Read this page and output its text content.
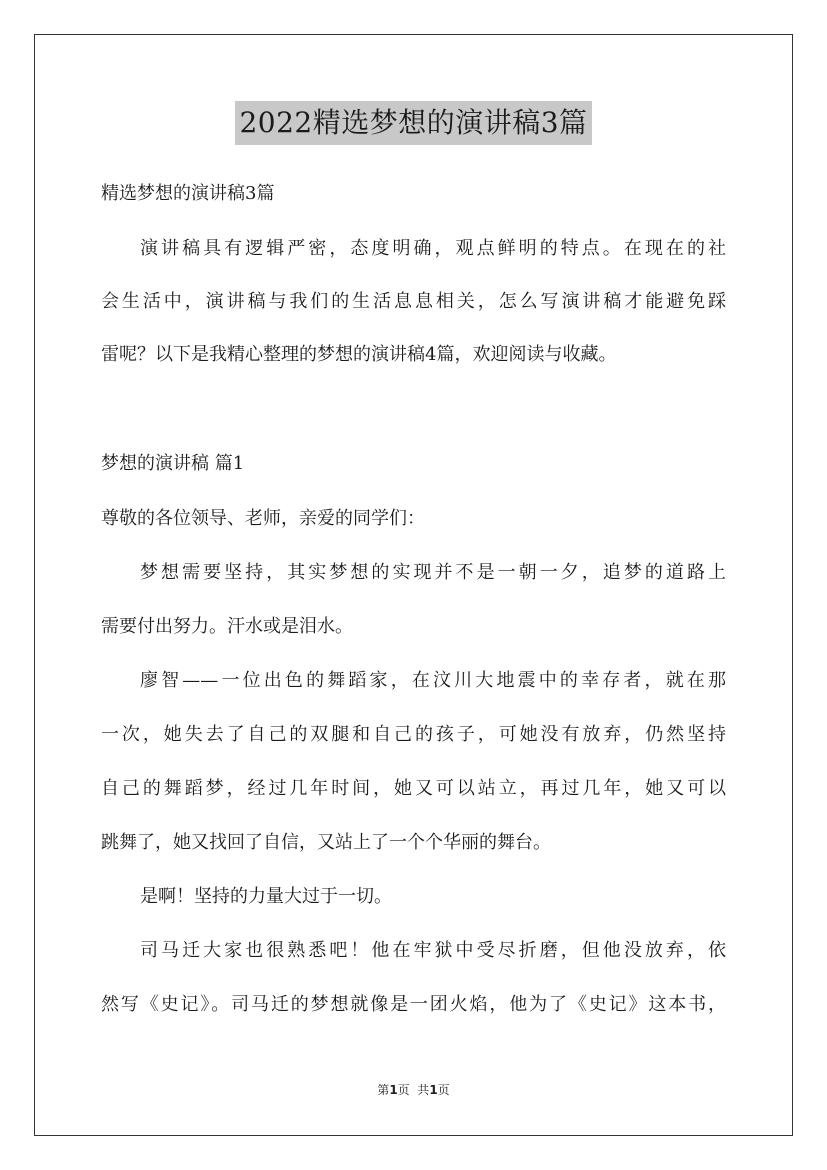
2022精选梦想的演讲稿3篇
精选梦想的演讲稿3篇
演讲稿具有逻辑严密，态度明确，观点鲜明的特点。在现在的社
会生活中，演讲稿与我们的生活息息相关，怎么写演讲稿才能避免踩
雷呢？以下是我精心整理的梦想的演讲稿4篇，欢迎阅读与收藏。
梦想的演讲稿 篇1
尊敬的各位领导、老师，亲爱的同学们：
梦想需要坚持，其实梦想的实现并不是一朝一夕，追梦的道路上
需要付出努力。汗水或是泪水。
廖智——一位出色的舞蹈家，在汶川大地震中的幸存者，就在那
一次，她失去了自己的双腿和自己的孩子，可她没有放弃，仍然坚持
自己的舞蹈梦，经过几年时间，她又可以站立，再过几年，她又可以
跳舞了，她又找回了自信，又站上了一个个华丽的舞台。
是啊！坚持的力量大过于一切。
司马迁大家也很熟悉吧！他在牢狱中受尽折磨，但他没放弃，依
然写《史记》。司马迁的梦想就像是一团火焰，他为了《史记》这本书，
第1页  共1页
